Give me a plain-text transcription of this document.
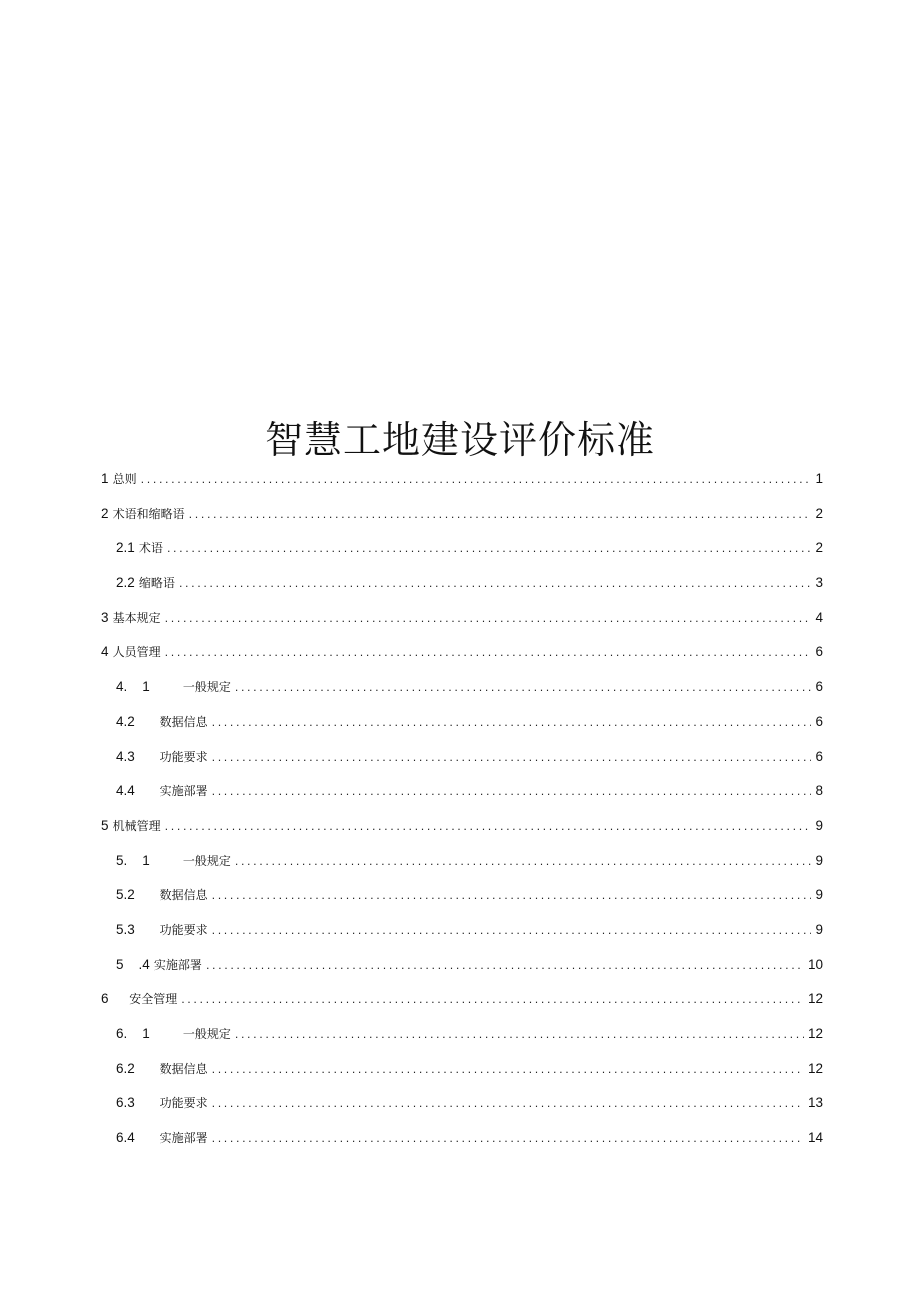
智慧工地建设评价标准
1 总则 .....	1
2 术语和缩略语 .....	2
2.1 术语 .....	2
2.2 缩略语 .....	3
3 基本规定 .....	4
4 人员管理 .....	6
4.    1	一般规定 .....	6
4.2 数据信息 .....	6
4.3 功能要求 .....	6
4.4 实施部署 .....	8
5 机械管理 .....	9
5.    1	一般规定 .....	9
5.2 数据信息 .....	9
5.3 功能要求 .....	9
5    .4 实施部署 .....	10
6 安全管理 .....	12
6.    1	一般规定 .....	12
6.2 数据信息 .....	12
6.3 功能要求 .....	13
6.4 实施部署 .....	14
